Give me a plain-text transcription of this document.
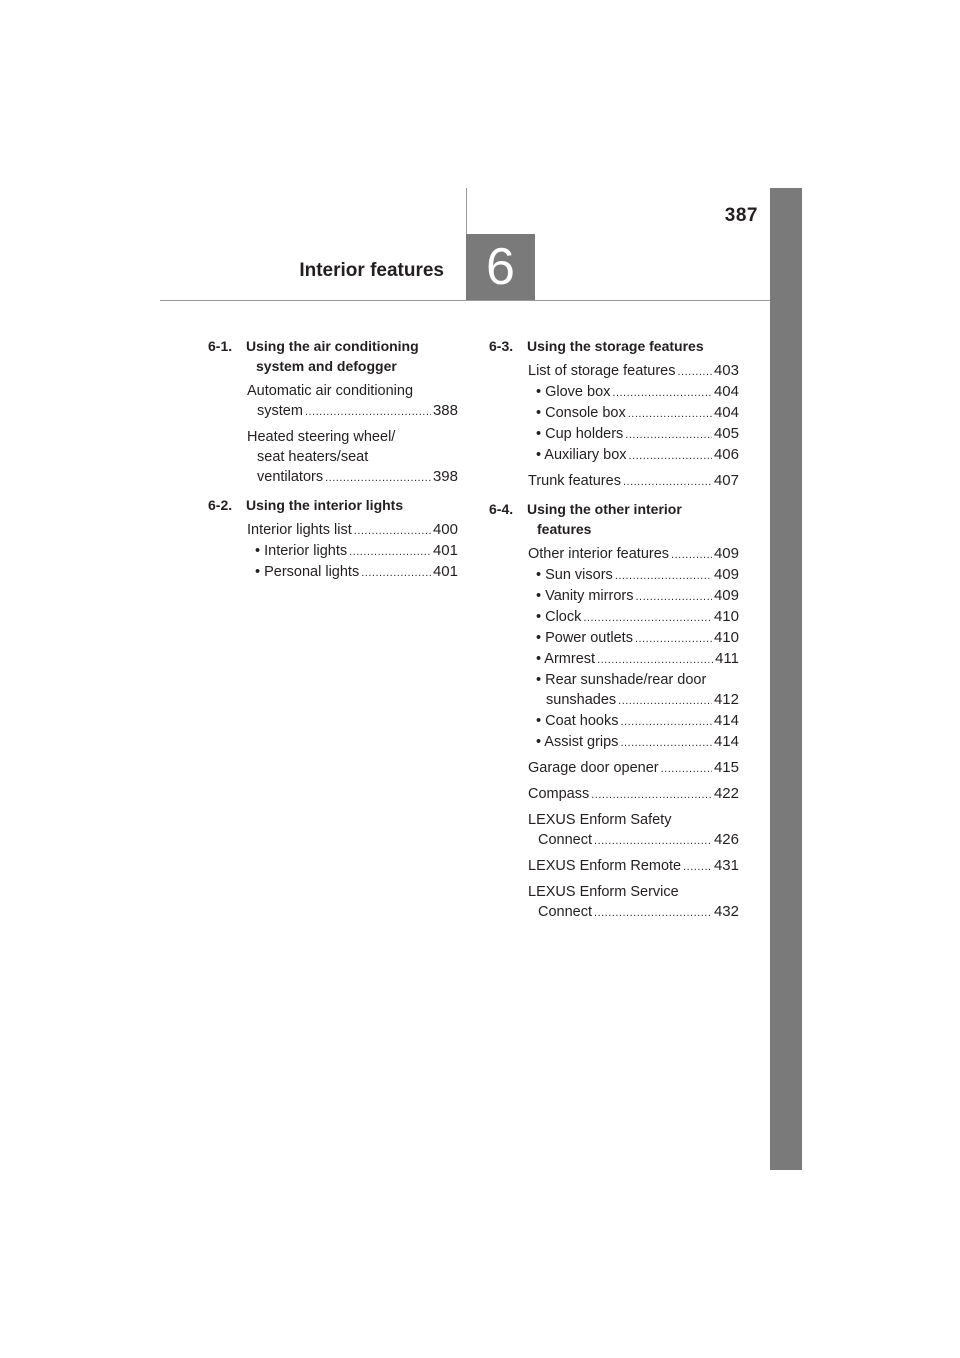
387
Interior features 6
6-1. Using the air conditioning
system and defogger
Automatic air conditioning
system .....	388
Heated steering wheel/
seat heaters/seat
ventilators .....	398
6-2. Using the interior lights
Interior lights list .....	400
• Interior lights .....	401
• Personal lights .....	401
6-3. Using the storage features
List of storage features .....	403
• Glove box .....	404
• Console box .....	404
• Cup holders .....	405
• Auxiliary box .....	406
Trunk features .....	407
6-4. Using the other interior
features
Other interior features .....	409
• Sun visors .....	409
• Vanity mirrors .....	409
• Clock .....	410
• Power outlets .....	410
• Armrest .....	411
• Rear sunshade/rear door
sunshades .....	412
• Coat hooks .....	414
• Assist grips .....	414
Garage door opener .....	415
Compass .....	422
LEXUS Enform Safety
Connect .....	426
LEXUS Enform Remote ..... 431
LEXUS Enform Service
Connect .....	432
